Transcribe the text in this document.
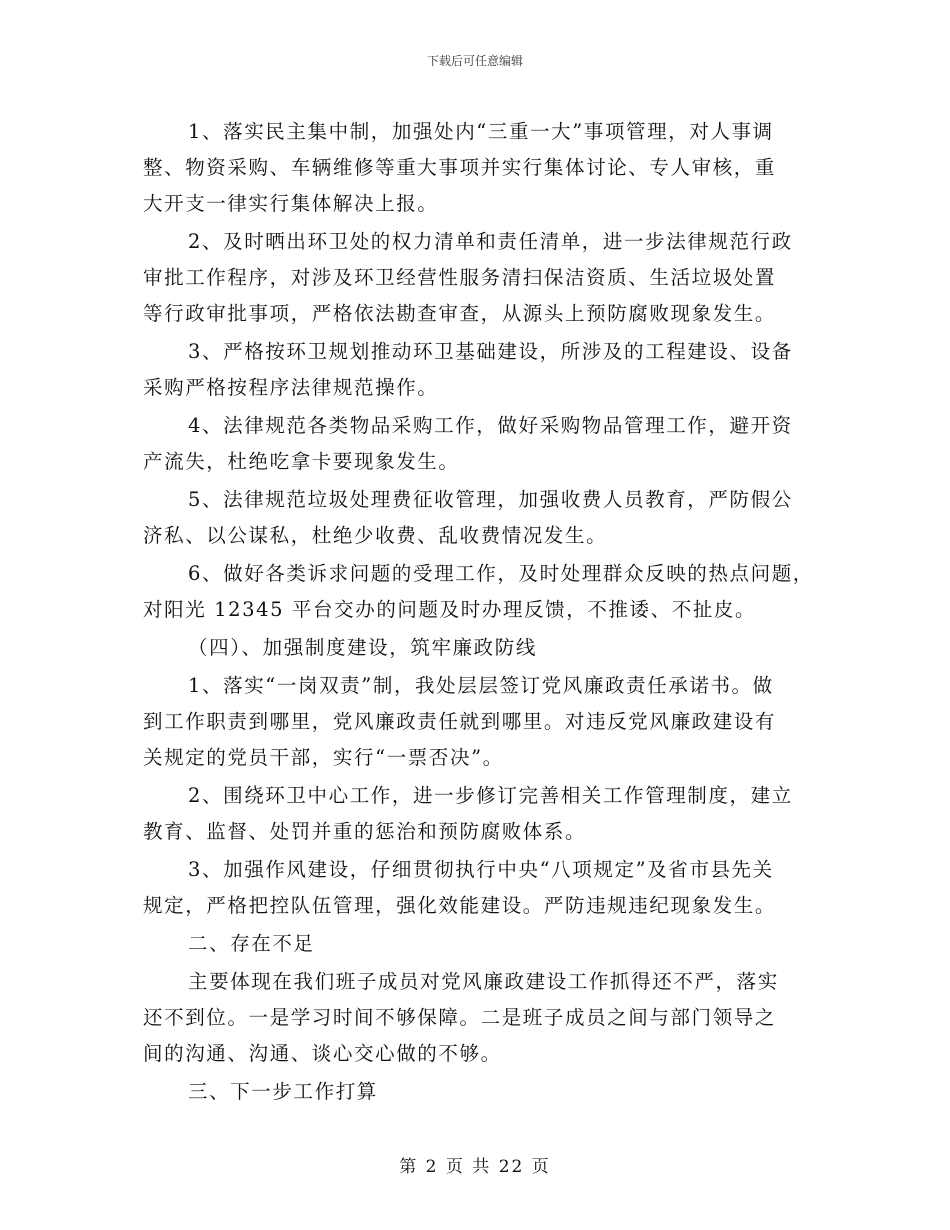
下载后可任意编辑
1、落实民主集中制，加强处内“三重一大”事项管理，对人事调
整、物资采购、车辆维修等重大事项并实行集体讨论、专人审核，重
大开支一律实行集体解决上报。
2、及时晒出环卫处的权力清单和责任清单，进一步法律规范行政
审批工作程序，对涉及环卫经营性服务清扫保洁资质、生活垃圾处置
等行政审批事项，严格依法勘查审查，从源头上预防腐败现象发生。
3、严格按环卫规划推动环卫基础建设，所涉及的工程建设、设备
采购严格按程序法律规范操作。
4、法律规范各类物品采购工作，做好采购物品管理工作，避开资
产流失，杜绝吃拿卡要现象发生。
5、法律规范垃圾处理费征收管理，加强收费人员教育，严防假公
济私、以公谋私，杜绝少收费、乱收费情况发生。
6、做好各类诉求问题的受理工作，及时处理群众反映的热点问题，
对阳光 12345 平台交办的问题及时办理反馈，不推诿、不扯皮。
（四）、加强制度建设，筑牢廉政防线
1、落实“一岗双责”制，我处层层签订党风廉政责任承诺书。做
到工作职责到哪里，党风廉政责任就到哪里。对违反党风廉政建设有
关规定的党员干部，实行“一票否决”。
2、围绕环卫中心工作，进一步修订完善相关工作管理制度，建立
教育、监督、处罚并重的惩治和预防腐败体系。
3、加强作风建设，仔细贯彻执行中央“八项规定”及省市县先关
规定，严格把控队伍管理，强化效能建设。严防违规违纪现象发生。
二、存在不足
主要体现在我们班子成员对党风廉政建设工作抓得还不严，落实
还不到位。一是学习时间不够保障。二是班子成员之间与部门领导之
间的沟通、沟通、谈心交心做的不够。
三、下一步工作打算
第 2 页 共 22 页
